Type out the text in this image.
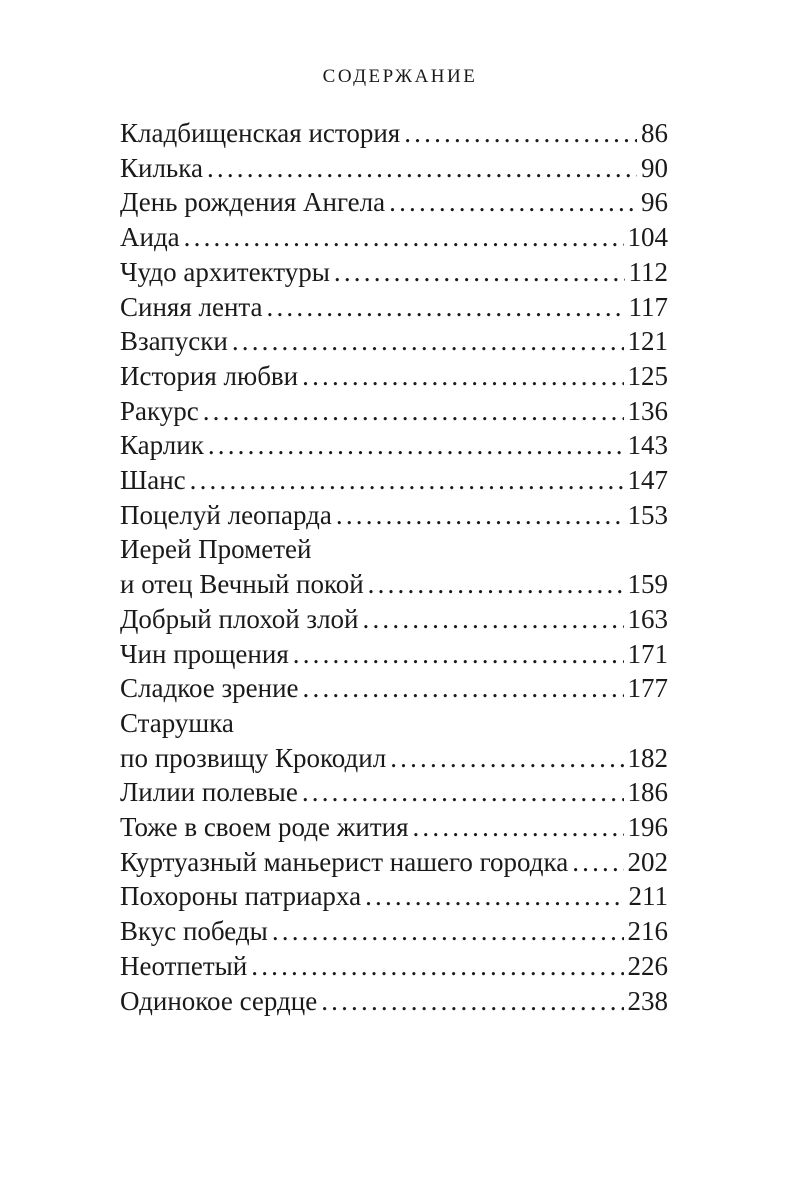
СОДЕРЖАНИЕ
Кладбищенская история .....	86
Килька .....	90
День рождения Ангела .....	96
Аида .....	104
Чудо архитектуры .....	112
Синяя лента .....	117
Взапуски .....	121
История любви .....	125
Ракурс .....	136
Карлик .....	143
Шанс .....	147
Поцелуй леопарда .....	153
Иерей Прометей
и отец Вечный покой .....	159
Добрый плохой злой .....	163
Чин прощения .....	171
Сладкое зрение .....	177
Старушка
по прозвищу Крокодил .....	182
Лилии полевые .....	186
Тоже в своем роде жития .....	196
Куртуазный маньерист нашего городка ..... 202
Похороны патриарха .....	211
Вкус победы .....	216
Неотпетый .....	226
Одинокое сердце .....	238
